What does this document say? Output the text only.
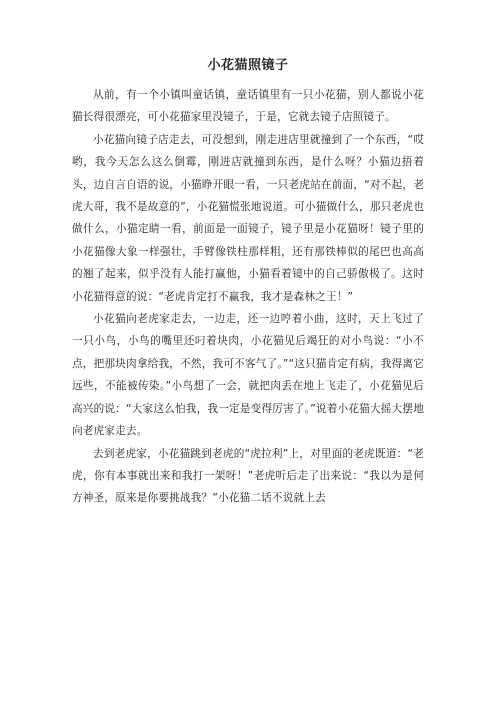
小花猫照镜子

从前，有一个小镇叫童话镇，童话镇里有一只小花猫，别人都说小花猫长得很漂亮，可小花猫家里没镜子，于是，它就去镜子店照镜子。

小花猫向镜子店走去，可没想到，刚走进店里就撞到了一个东西，“哎哟，我今天怎么这么倒霉，刚进店就撞到东西，是什么呀？小猫边捂着头，边自言自语的说，小猫睁开眼一看，一只老虎站在前面，“对不起，老虎大哥，我不是故意的”，小花猫慌张地说道。可小猫做什么，那只老虎也做什么，小猫定睛一看，前面是一面镜子，镜子里是小花猫呀！镜子里的小花猫像大象一样强壮，手臂像铁柱那样粗，还有那铁棒似的尾巴也高高的翘了起来，似乎没有人能打赢他，小猫看着镜中的自己骄傲极了。这时小花猫得意的说：“老虎肯定打不赢我，我才是森林之王！”

小花猫向老虎家走去，一边走，还一边哼着小曲，这时，天上飞过了一只小鸟，小鸟的嘴里还叼着块肉，小花猫见后竭狂的对小鸟说：“小不点，把那块肉拿给我，不然，我可不客气了。”“这只猫肯定有病，我得离它远些，不能被传染。”小鸟想了一会，就把肉丢在地上飞走了，小花猫见后高兴的说：“大家这么怕我，我一定是变得厉害了。”说着小花猫大摇大摆地向老虎家走去。

去到老虎家，小花猫跳到老虎的“虎拉利”上，对里面的老虎既道：“老虎，你有本事就出来和我打一架呀！”老虎听后走了出来说：“我以为是何方神圣，原来是你要挑战我？”小花猫二话不说就上去
